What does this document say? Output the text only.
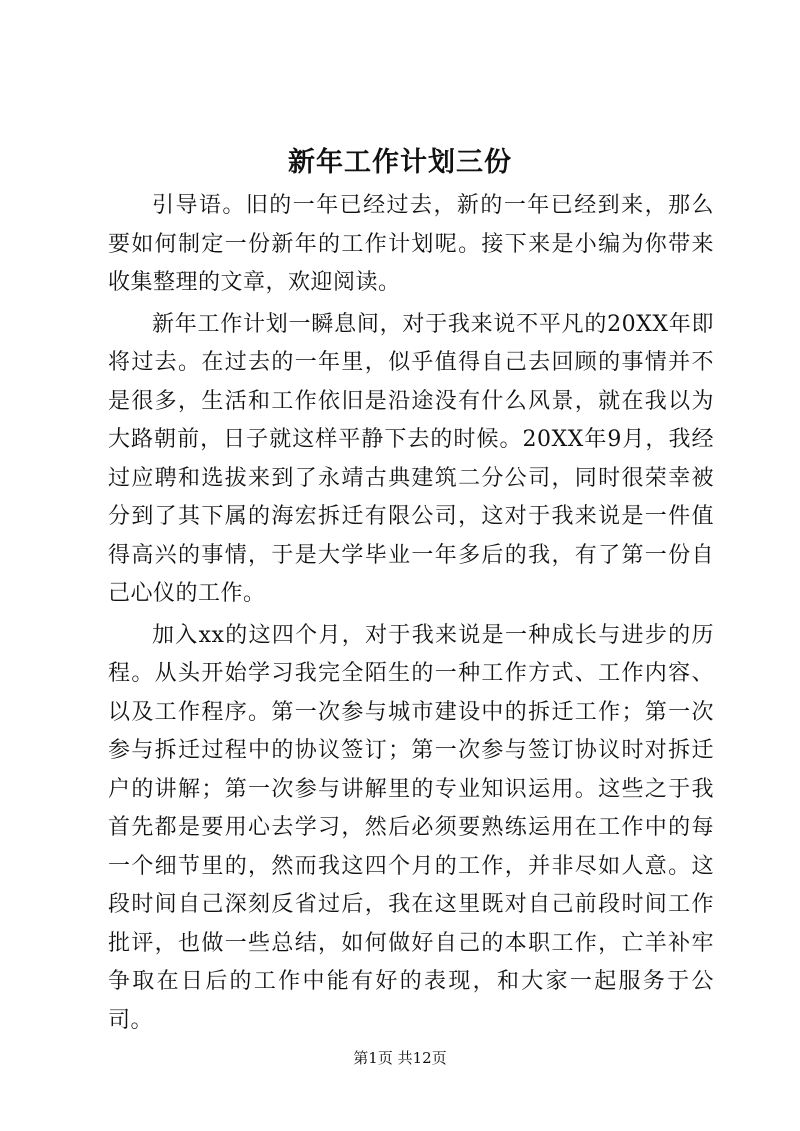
新年工作计划三份

引导语。旧的一年已经过去，新的一年已经到来，那么要如何制定一份新年的工作计划呢。接下来是小编为你带来收集整理的文章，欢迎阅读。

新年工作计划一瞬息间，对于我来说不平凡的20XX年即将过去。在过去的一年里，似乎值得自己去回顾的事情并不是很多，生活和工作依旧是沿途没有什么风景，就在我以为大路朝前，日子就这样平静下去的时候。20XX年9月，我经过应聘和选拔来到了永靖古典建筑二分公司，同时很荣幸被分到了其下属的海宏拆迁有限公司，这对于我来说是一件值得高兴的事情，于是大学毕业一年多后的我，有了第一份自己心仪的工作。

加入xx的这四个月，对于我来说是一种成长与进步的历程。从头开始学习我完全陌生的一种工作方式、工作内容、以及工作程序。第一次参与城市建设中的拆迁工作；第一次参与拆迁过程中的协议签订；第一次参与签订协议时对拆迁户的讲解；第一次参与讲解里的专业知识运用。这些之于我首先都是要用心去学习，然后必须要熟练运用在工作中的每一个细节里的，然而我这四个月的工作，并非尽如人意。这段时间自己深刻反省过后，我在这里既对自己前段时间工作批评，也做一些总结，如何做好自己的本职工作，亡羊补牢争取在日后的工作中能有好的表现，和大家一起服务于公司。

第1页 共12页
